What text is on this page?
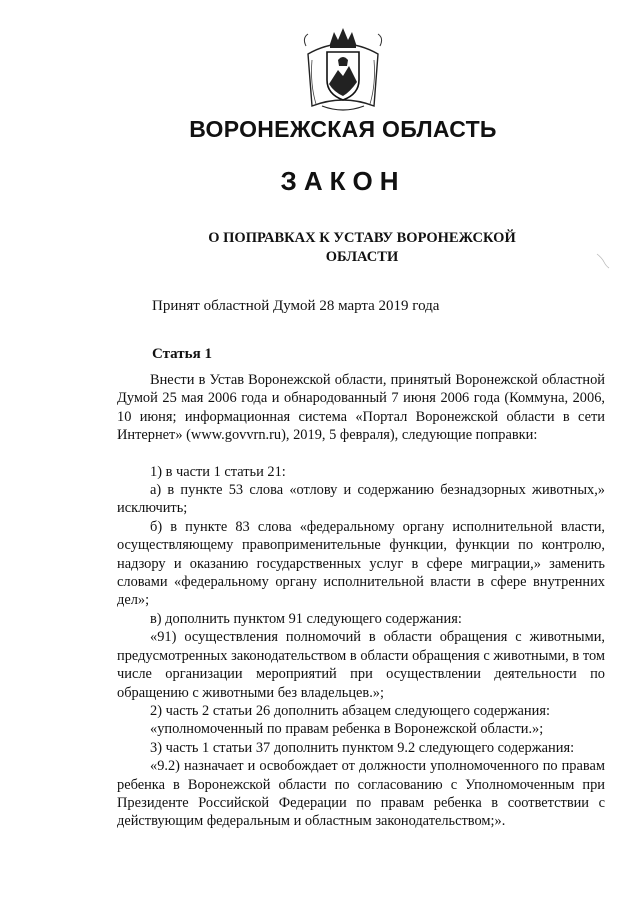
ВОРОНЕЖСКАЯ ОБЛАСТЬ
ЗАКОН
О ПОПРАВКАХ К УСТАВУ ВОРОНЕЖСКОЙ ОБЛАСТИ
Принят областной Думой 28 марта 2019 года
Статья 1

Внести в Устав Воронежской области, принятый Воронежской областной Думой 25 мая 2006 года и обнародованный 7 июня 2006 года (Коммуна, 2006, 10 июня; информационная система «Портал Воронежской области в сети Интернет» (www.govvrn.ru), 2019, 5 февраля), следующие поправки:

1) в части 1 статьи 21:

а) в пункте 53 слова «отлову и содержанию безнадзорных животных,» исключить;

б) в пункте 83 слова «федеральному органу исполнительной власти, осуществляющему правоприменительные функции, функции по контролю, надзору и оказанию государственных услуг в сфере миграции,» заменить словами «федеральному органу исполнительной власти в сфере внутренних дел»;

в) дополнить пунктом 91 следующего содержания:

«91) осуществления полномочий в области обращения с животными, предусмотренных законодательством в области обращения с животными, в том числе организации мероприятий при осуществлении деятельности по обращению с животными без владельцев.»;

2) часть 2 статьи 26 дополнить абзацем следующего содержания:

«уполномоченный по правам ребенка в Воронежской области.»;

3) часть 1 статьи 37 дополнить пунктом 9.2 следующего содержания:

«9.2) назначает и освобождает от должности уполномоченного по правам ребенка в Воронежской области по согласованию с Уполномоченным при Президенте Российской Федерации по правам ребенка в соответствии с действующим федеральным и областным законодательством;».
